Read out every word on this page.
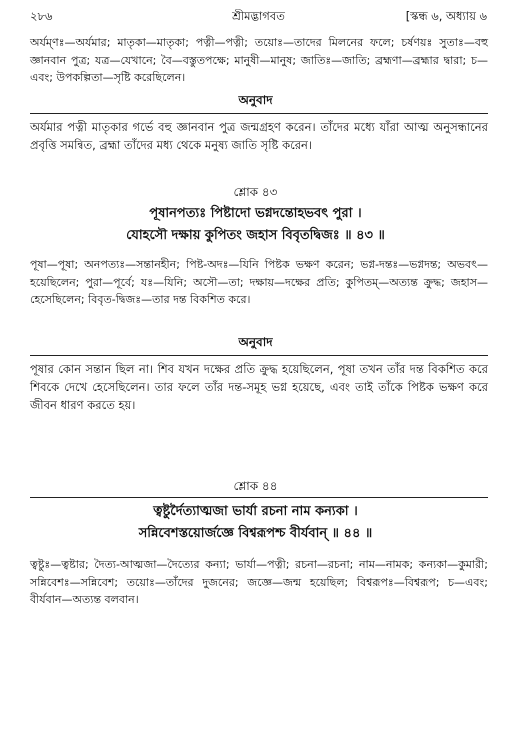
২৮৬	শ্রীমদ্ভাগবত	[স্কন্ধ ৬, অধ্যায় ৬
অর্যম্ণঃ—অর্যমার; মাতৃকা—মাতৃকা; পত্নী—পত্নী; তয়োঃ—তাদের মিলনের ফলে; চর্ষণয়ঃ সুতাঃ—বহু জ্ঞানবান পুত্র; যত্র—যেখানে; বৈ—বস্তুতপক্ষে; মানুষী—মানুষ; জাতিঃ—জাতি; ব্রহ্মণা—ব্রহ্মার দ্বারা; চ—এবং; উপকল্পিতা—সৃষ্টি করেছিলেন।
অনুবাদ
অর্যমার পত্নী মাতৃকার গর্ভে বহু জ্ঞানবান পুত্র জন্মগ্রহণ করেন। তাঁদের মধ্যে যাঁরা আত্ম অনুসন্ধানের প্রবৃত্তি সমন্বিত, ব্রহ্মা তাঁদের মধ্য থেকে মনুষ্য জাতি সৃষ্টি করেন।
শ্লোক ৪৩
পূষানপত্যঃ পিষ্টাদো ভগ্নদন্তোহভবৎ পুরা ।
যোহসৌ দক্ষায় কুপিতং জহাস বিবৃতদ্বিজঃ ॥ ৪৩ ॥
পূষা—পূষা; অনপত্যঃ—সন্তানহীন; পিষ্ট-অদঃ—যিনি পিষ্টক ভক্ষণ করেন; ভগ্ন-দন্তঃ—ভগ্নদন্ত; অভবৎ—হয়েছিলেন; পুরা—পূর্বে; যঃ—যিনি; অসৌ—তা; দক্ষায়—দক্ষের প্রতি; কুপিতম্—অত্যন্ত ক্রুদ্ধ; জহাস—হেসেছিলেন; বিবৃত-দ্বিজঃ—তার দন্ত বিকশিত করে।
অনুবাদ
পূষার কোন সন্তান ছিল না। শিব যখন দক্ষের প্রতি ক্রুদ্ধ হয়েছিলেন, পূষা তখন তাঁর দন্ত বিকশিত করে শিবকে দেখে হেসেছিলেন। তার ফলে তাঁর দন্ত-সমূহ ভগ্ন হয়েছে, এবং তাই তাঁকে পিষ্টক ভক্ষণ করে জীবন ধারণ করতে হয়।
শ্লোক ৪৪
ত্বষ্টুর্দৈত্যাত্মজা ভার্যা রচনা নাম কন্যকা ।
সন্নিবেশস্তয়োর্জজ্ঞে বিশ্বরূপশ্চ বীর্যবান্ ॥ ৪৪ ॥
ত্বষ্টুঃ—ত্বষ্টার; দৈত্য-আত্মজা—দৈত্যের কন্যা; ভার্যা—পত্নী; রচনা—রচনা; নাম—নামক; কন্যকা—কুমারী; সন্নিবেশঃ—সন্নিবেশ; তয়োঃ—তাঁদের দুজনের; জজ্ঞে—জন্ম হয়েছিল; বিশ্বরূপঃ—বিশ্বরূপ; চ—এবং; বীর্যবান—অত্যন্ত বলবান।
